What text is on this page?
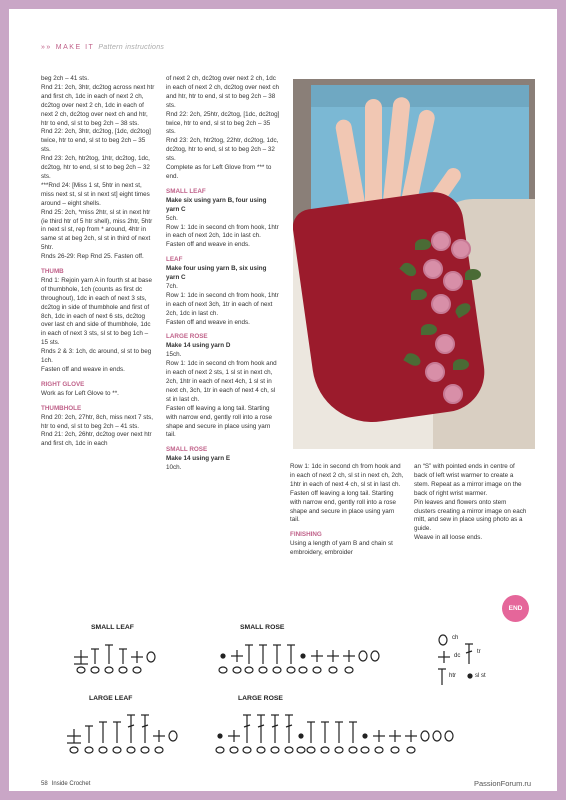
»» MAKE IT Pattern instructions

beg 2ch – 41 sts.

Rnd 21: 2ch, 3htr, dc2tog across next htr and first ch, 1dc in each of next 2 ch, dc2tog over next 2 ch, 1dc in each of next 2 ch, dc2tog over next ch and htr, htr to end, sl st to beg 2ch – 38 sts.

Rnd 22: 2ch, 3htr, dc2tog, [1dc, dc2tog] twice, htr to end, sl st to beg 2ch – 35 sts.

Rnd 23: 2ch, htr2tog, 1htr, dc2tog, 1dc, dc2tog, htr to end, sl st to beg 2ch – 32 sts.

***Rnd 24: [Miss 1 st, 5htr in next st, miss next st, sl st in next st] eight times around – eight shells.

Rnd 25: 2ch, *miss 2htr, sl st in next htr (ie third htr of 5 htr shell), miss 2htr, 5htr in next sl st, rep from * around, 4htr in same st at beg 2ch, sl st in third of next 5htr.

Rnds 26-29: Rep Rnd 25. Fasten off.

THUMB

Rnd 1: Rejoin yarn A in fourth st at base of thumbhole, 1ch (counts as first dc throughout), 1dc in each of next 3 sts, dc2tog in side of thumbhole and first of 8ch, 1dc in each of next 6 sts, dc2tog over last ch and side of thumbhole, 1dc in each of next 3 sts, sl st to beg 1ch – 15 sts.

Rnds 2 & 3: 1ch, dc around, sl st to beg 1ch.

Fasten off and weave in ends.

RIGHT GLOVE

Work as for Left Glove to **.

THUMBHOLE

Rnd 20: 2ch, 27htr, 8ch, miss next 7 sts, htr to end, sl st to beg 2ch – 41 sts.

Rnd 21: 2ch, 26htr, dc2tog over next htr and first ch, 1dc in each

of next 2 ch, dc2tog over next 2 ch, 1dc in each of next 2 ch, dc2tog over next ch and htr, htr to end, sl st to beg 2ch – 38 sts.

Rnd 22: 2ch, 25htr, dc2tog, [1dc, dc2tog] twice, htr to end, sl st to beg 2ch – 35 sts.

Rnd 23: 2ch, htr2tog, 22htr, dc2tog, 1dc, dc2tog, htr to end, sl st to beg 2ch – 32 sts.

Complete as for Left Glove from *** to end.

SMALL LEAF

Make six using yarn B, four using yarn C

5ch.

Row 1: 1dc in second ch from hook, 1htr in each of next 2ch, 1dc in last ch.

Fasten off and weave in ends.

LEAF

Make four using yarn B, six using yarn C

7ch.

Row 1: 1dc in second ch from hook, 1htr in each of next 3ch, 1tr in each of next 2ch, 1dc in last ch.

Fasten off and weave in ends.

LARGE ROSE

Make 14 using yarn D

15ch.

Row 1: 1dc in second ch from hook and in each of next 2 sts, 1 sl st in next ch, 2ch, 1htr in each of next 4ch, 1 sl st in next ch, 3ch, 1tr in each of next 4 ch, sl st in last ch.

Fasten off leaving a long tail. Starting with narrow end, gently roll into a rose shape and secure in place using yarn tail.

SMALL ROSE

Make 14 using yarn E

10ch.	Row 1: 1dc in second ch from hook and in each of next 2 ch, sl st in next ch, 2ch, 1htr in each of next 4 ch, sl st in last ch.

Fasten off leaving a long tail. Starting with narrow end, gently roll into a rose shape and secure in place using yarn tail.

FINISHING

Using a length of yarn B and chain st embroidery, embroider

an “S” with pointed ends in centre of back of left wrist warmer to create a stem. Repeat as a mirror image on the back of right wrist warmer.

Pin leaves and flowers onto stem clusters creating a mirror image on each mitt, and sew in place using photo as a guide.

Weave in all loose ends.

END
SMALL LEAF	SMALL ROSE
LARGE LEAF	LARGE ROSE
ch
dc
tr
htr	sl st
58 Inside Crochet	PassionForum.ru
